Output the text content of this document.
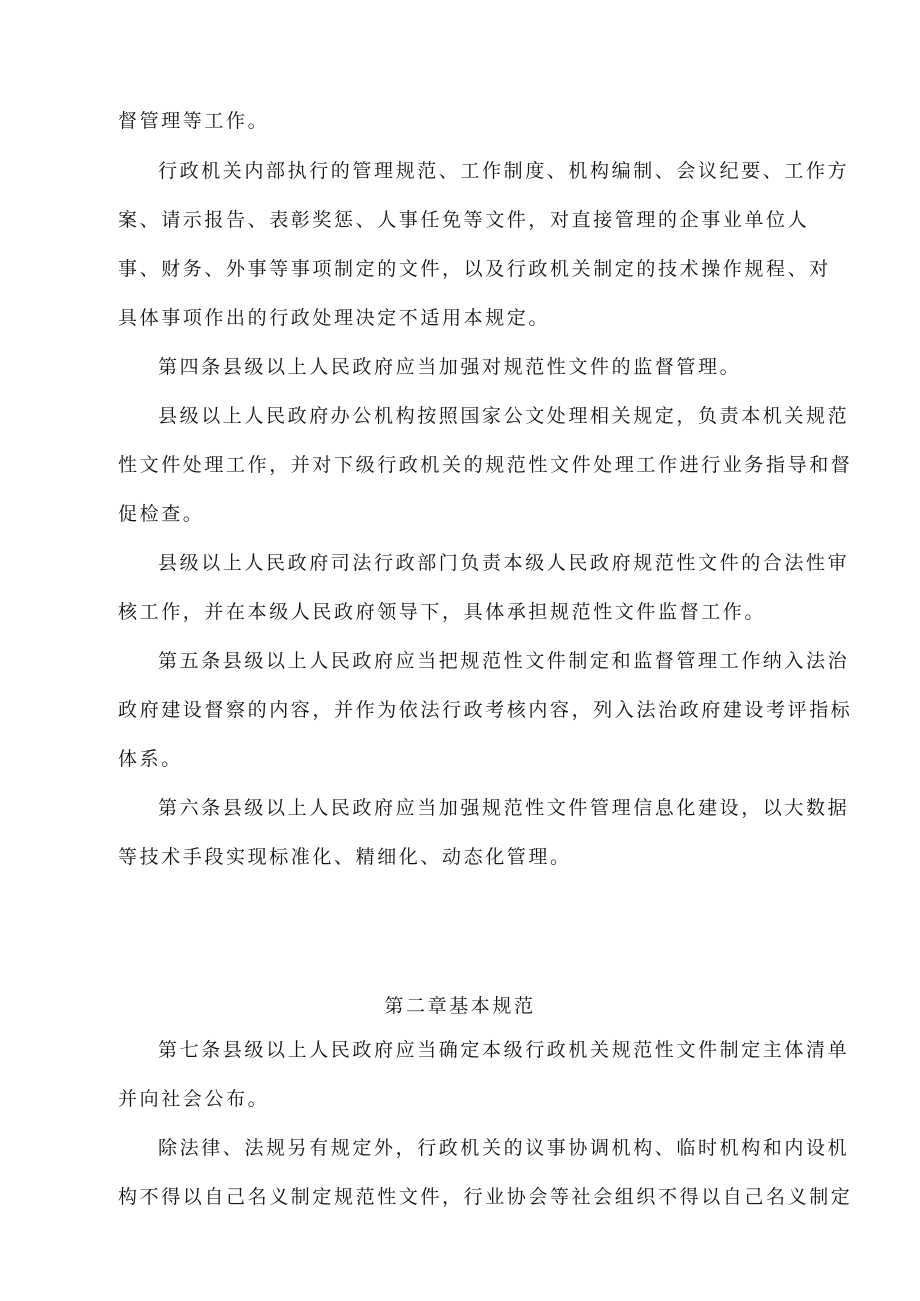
督管理等工作。
行政机关内部执行的管理规范、工作制度、机构编制、会议纪要、工作方
案、请示报告、表彰奖惩、人事任免等文件，对直接管理的企事业单位人
事、财务、外事等事项制定的文件，以及行政机关制定的技术操作规程、对
具体事项作出的行政处理决定不适用本规定。
第四条县级以上人民政府应当加强对规范性文件的监督管理。
县级以上人民政府办公机构按照国家公文处理相关规定，负责本机关规范
性文件处理工作，并对下级行政机关的规范性文件处理工作进行业务指导和督
促检查。
县级以上人民政府司法行政部门负责本级人民政府规范性文件的合法性审
核工作，并在本级人民政府领导下，具体承担规范性文件监督工作。
第五条县级以上人民政府应当把规范性文件制定和监督管理工作纳入法治
政府建设督察的内容，并作为依法行政考核内容，列入法治政府建设考评指标
体系。
第六条县级以上人民政府应当加强规范性文件管理信息化建设，以大数据
等技术手段实现标准化、精细化、动态化管理。
第二章基本规范
第七条县级以上人民政府应当确定本级行政机关规范性文件制定主体清单
并向社会公布。
除法律、法规另有规定外，行政机关的议事协调机构、临时机构和内设机
构不得以自己名义制定规范性文件，行业协会等社会组织不得以自己名义制定
